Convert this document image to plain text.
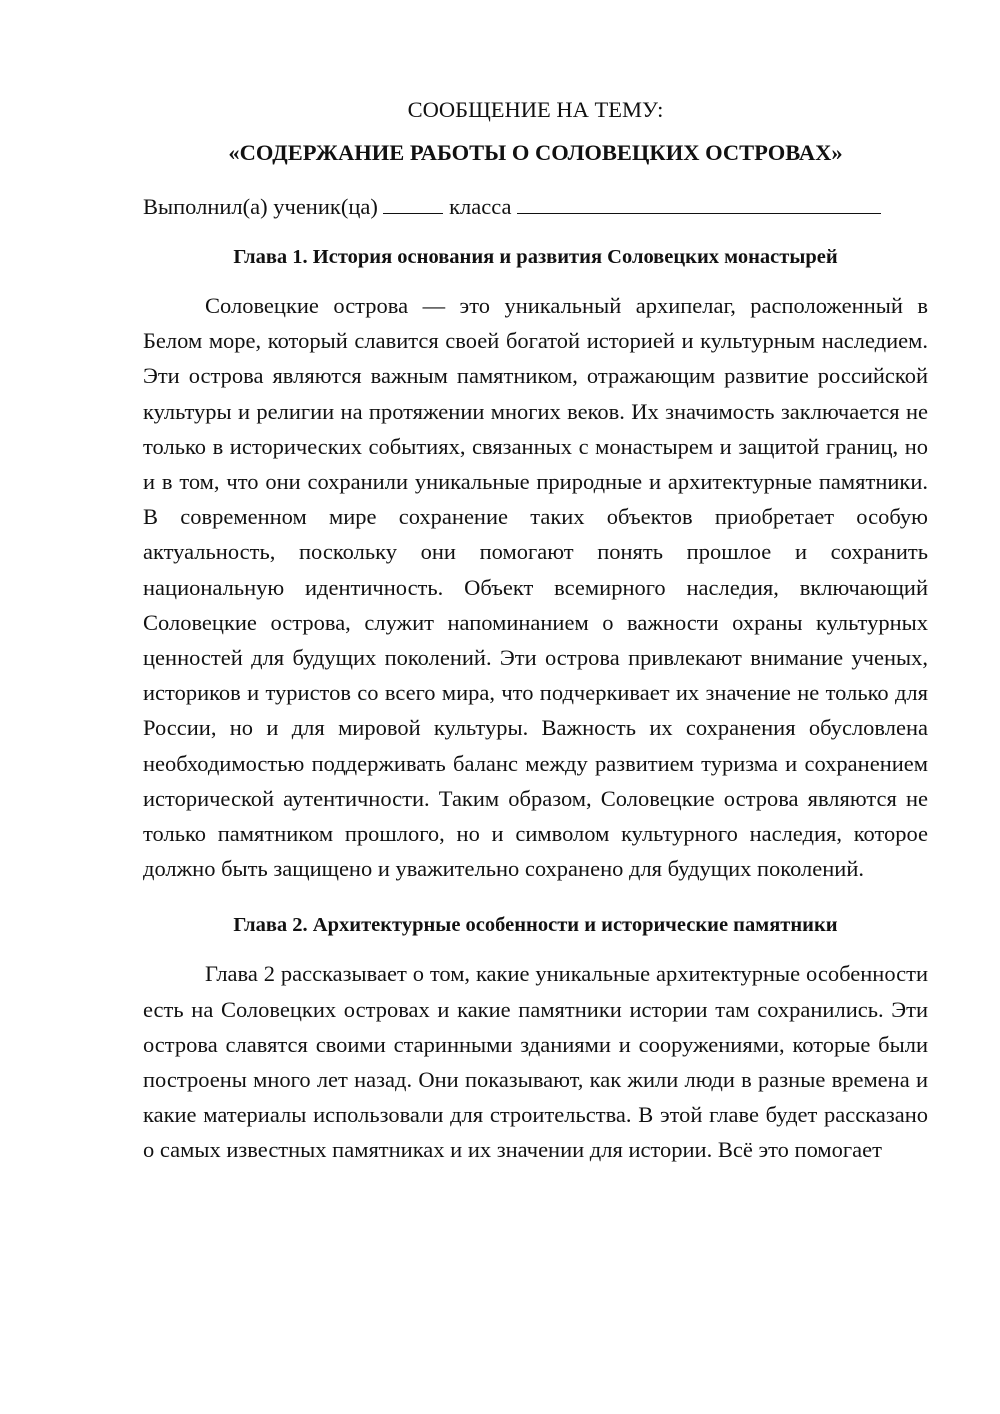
СООБЩЕНИЕ НА ТЕМУ:

«СОДЕРЖАНИЕ РАБОТЫ О СОЛОВЕЦКИХ ОСТРОВАХ»

Выполнил(а) ученик(ца)	класса

Глава 1. История основания и развития Соловецких монастырей

Соловецкие острова — это уникальный архипелаг, расположенный в Белом море, который славится своей богатой историей и культурным наследием. Эти острова являются важным памятником, отражающим развитие российской культуры и религии на протяжении многих веков. Их значимость заключается не только в исторических событиях, связанных с монастырем и защитой границ, но и в том, что они сохранили уникальные природные и архитектурные памятники. В современном мире сохранение таких объектов приобретает особую актуальность, поскольку они помогают понять прошлое и сохранить национальную идентичность. Объект всемирного наследия, включающий Соловецкие острова, служит напоминанием о важности охраны культурных ценностей для будущих поколений. Эти острова привлекают внимание ученых, историков и туристов со всего мира, что подчеркивает их значение не только для России, но и для мировой культуры. Важность их сохранения обусловлена необходимостью поддерживать баланс между развитием туризма и сохранением исторической аутентичности. Таким образом, Соловецкие острова являются не только памятником прошлого, но и символом культурного наследия, которое должно быть защищено и уважительно сохранено для будущих поколений.

Глава 2. Архитектурные особенности и исторические памятники

Глава 2 рассказывает о том, какие уникальные архитектурные особенности есть на Соловецких островах и какие памятники истории там сохранились. Эти острова славятся своими старинными зданиями и сооружениями, которые были построены много лет назад. Они показывают, как жили люди в разные времена и какие материалы использовали для строительства. В этой главе будет рассказано о самых известных памятниках и их значении для истории. Всё это помогает
